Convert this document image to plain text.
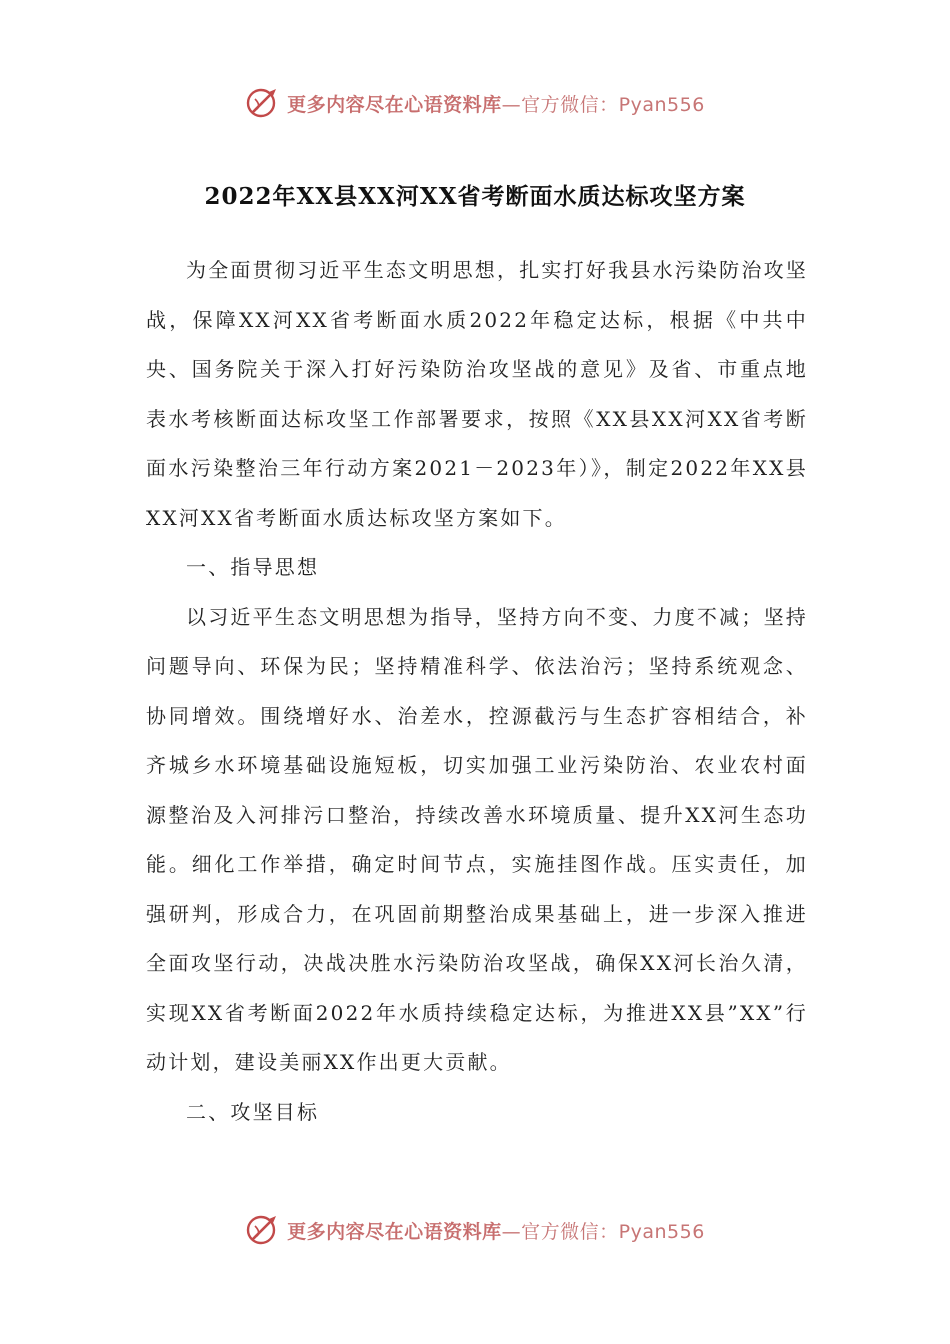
更多内容尽在心语资料库—官方微信：Pyan556
2022年XX县XX河XX省考断面水质达标攻坚方案

为全面贯彻习近平生态文明思想，扎实打好我县水污染防治攻坚战，保障XX河XX省考断面水质2022年稳定达标，根据《中共中央、国务院关于深入打好污染防治攻坚战的意见》及省、市重点地表水考核断面达标攻坚工作部署要求，按照《XX县XX河XX省考断面水污染整治三年行动方案2021－2023年）》，制定2022年XX县XX河XX省考断面水质达标攻坚方案如下。

一、指导思想

以习近平生态文明思想为指导，坚持方向不变、力度不减；坚持问题导向、环保为民；坚持精准科学、依法治污；坚持系统观念、协同增效。围绕增好水、治差水，控源截污与生态扩容相结合，补齐城乡水环境基础设施短板，切实加强工业污染防治、农业农村面源整治及入河排污口整治，持续改善水环境质量、提升XX河生态功能。细化工作举措，确定时间节点，实施挂图作战。压实责任，加强研判，形成合力，在巩固前期整治成果基础上，进一步深入推进全面攻坚行动，决战决胜水污染防治攻坚战，确保XX河长治久清，实现XX省考断面2022年水质持续稳定达标，为推进XX县”XX”行动计划，建设美丽XX作出更大贡献。

二、攻坚目标

更多内容尽在心语资料库—官方微信：Pyan556
